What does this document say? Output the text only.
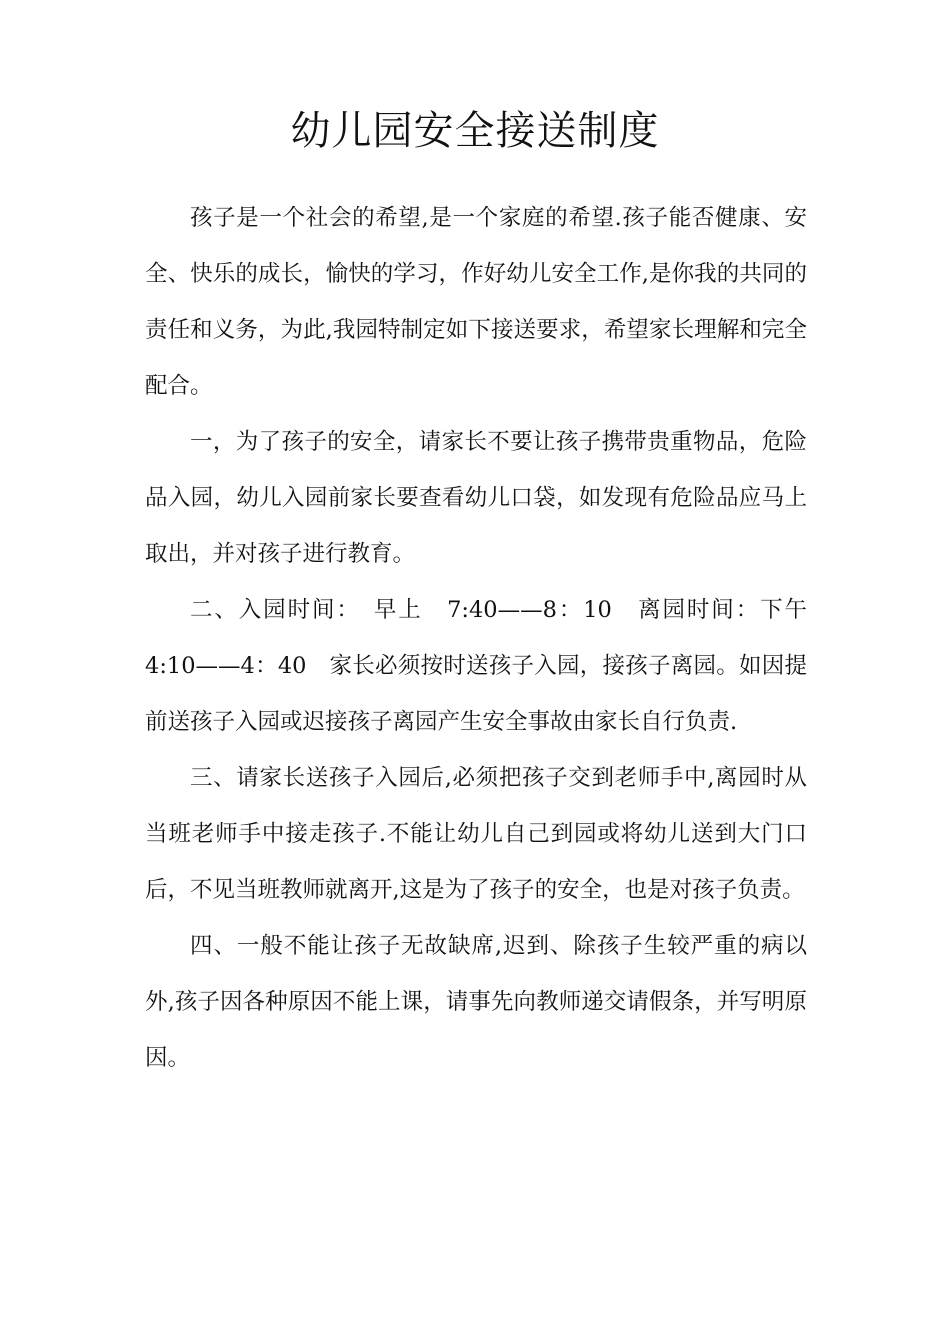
幼儿园安全接送制度

孩子是一个社会的希望,是一个家庭的希望.孩子能否健康、安全、快乐的成长，愉快的学习，作好幼儿安全工作,是你我的共同的责任和义务，为此,我园特制定如下接送要求，希望家长理解和完全配合。

一，为了孩子的安全，请家长不要让孩子携带贵重物品，危险品入园，幼儿入园前家长要查看幼儿口袋，如发现有危险品应马上取出，并对孩子进行教育。

二、入园时间：　早上　7:40——8：10　离园时间：下午　4:10——4：40　家长必须按时送孩子入园，接孩子离园。如因提前送孩子入园或迟接孩子离园产生安全事故由家长自行负责.

三、请家长送孩子入园后,必须把孩子交到老师手中,离园时从当班老师手中接走孩子.不能让幼儿自己到园或将幼儿送到大门口后，不见当班教师就离开,这是为了孩子的安全，也是对孩子负责。

四、一般不能让孩子无故缺席,迟到、除孩子生较严重的病以外,孩子因各种原因不能上课，请事先向教师递交请假条，并写明原因。
